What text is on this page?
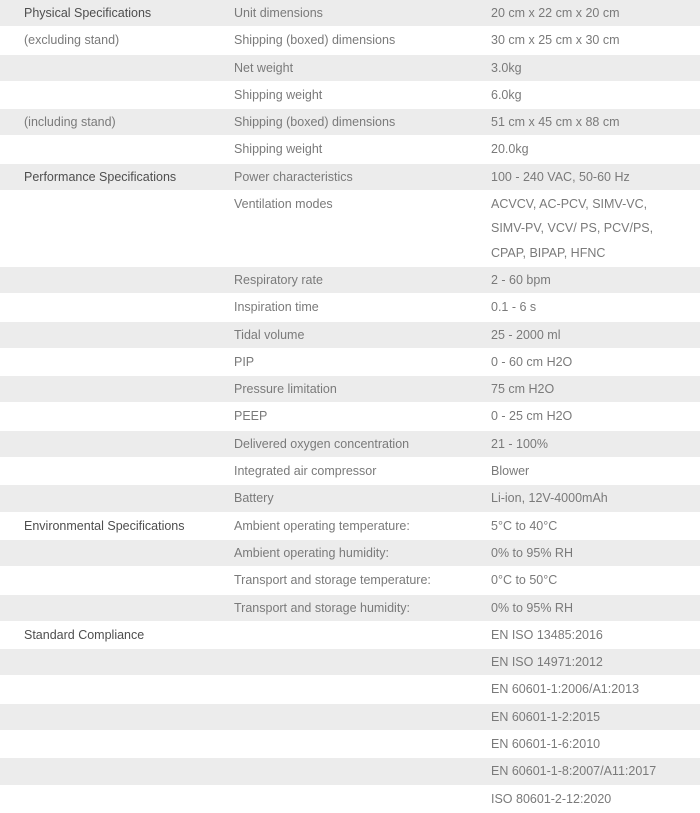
Physical Specifications	Unit dimensions	20 cm x 22 cm x 20 cm
(excluding stand)	Shipping (boxed) dimensions	30 cm x 25 cm x 30 cm
	Net weight	3.0kg
	Shipping weight	6.0kg
(including stand)	Shipping (boxed) dimensions	51 cm x 45 cm x 88 cm
	Shipping weight	20.0kg
Performance Specifications	Power characteristics	100 - 240 VAC, 50-60 Hz
	Ventilation modes	ACVCV, AC-PCV, SIMV-VC,
SIMV-PV, VCV/ PS, PCV/PS,
CPAP, BIPAP, HFNC

	Respiratory rate	2 - 60 bpm
	Inspiration time	0.1 - 6 s
	Tidal volume	25 - 2000 ml
	PIP	0 - 60 cm H2O
	Pressure limitation	75 cm H2O
	PEEP	0 - 25 cm H2O
	Delivered oxygen concentration	21 - 100%
	Integrated air compressor	Blower
	Battery	Li-ion, 12V-4000mAh
Environmental Specifications	Ambient operating temperature:	5°C to 40°C
	Ambient operating humidity:	0% to 95% RH
	Transport and storage temperature:	0°C to 50°C
	Transport and storage humidity:	0% to 95% RH
Standard Compliance		EN ISO 13485:2016
		EN ISO 14971:2012
		EN 60601-1:2006/A1:2013
		EN 60601-1-2:2015
		EN 60601-1-6:2010
		EN 60601-1-8:2007/A11:2017
		ISO 80601-2-12:2020
